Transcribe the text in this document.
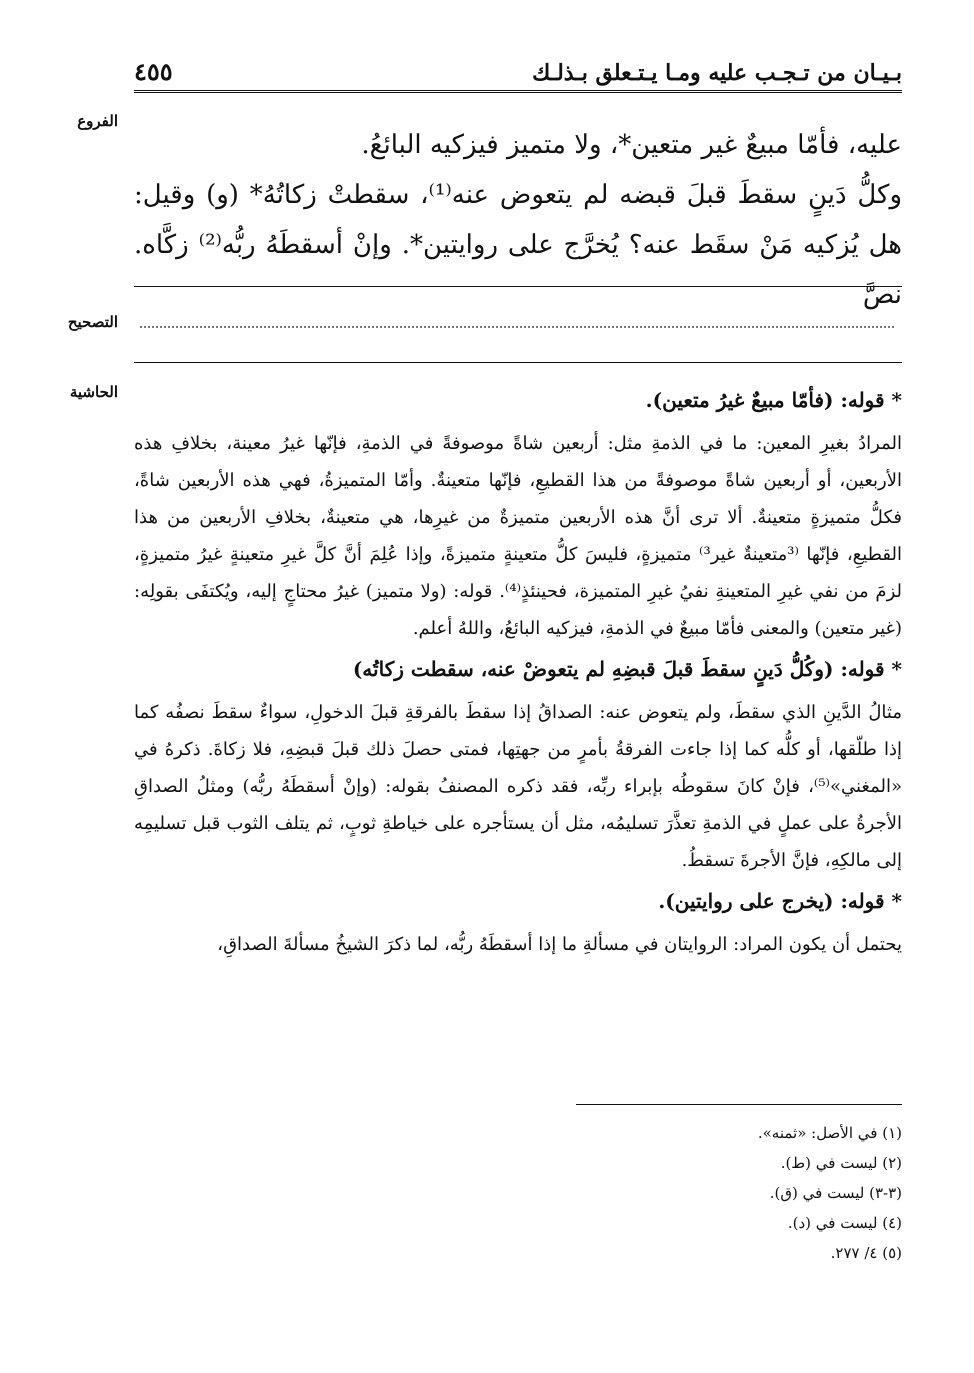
بـيـان من تـجـب عليه ومـا يـتـعلق بـذلـك
٤٥٥
الفروع
التصحيح
الحاشية

عليه، فأمّا مبيعٌ غير متعين*، ولا متميز فيزكيه البائعُ.

وكلُّ دَينٍ سقطَ قبلَ قبضه لم يتعوض عنه⁽¹⁾، سقطتْ زكاتُهُ* (و) وقيل: هل يُزكيه مَنْ سقَط عنه؟ يُخرَّج على روايتين*. وإنْ أسقطَهُ ربُّه⁽²⁾ زكَّاه. نصَّ

* قوله: (فأمّا مبيعٌ غيرُ متعين).

المرادُ بغيرِ المعين: ما في الذمةِ مثل: أربعين شاةً موصوفةً في الذمةِ، فإنّها غيرُ معينة، بخلافِ هذه الأربعين، أو أربعين شاةً موصوفةً من هذا القطيعِ، فإنّها متعينةٌ. وأمّا المتميزةُ، فهي هذه الأربعين شاةً، فكلُّ متميزةٍ متعينةٌ. ألا ترى أنَّ هذه الأربعين متميزةٌ من غيرِها، هي متعينةٌ، بخلافِ الأربعين من هذا القطيعِ، فإنّها ⁽³متعينةٌ غير³⁾ متميزةٍ، فليسَ كلُّ متعينةٍ متميزةً، وإذا عُلِمَ أنَّ كلَّ غيرِ متعينةٍ غيرُ متميزةٍ، لزمَ من نفي غيرِ المتعينةِ نفيُ غيرِ المتميزة، فحينئذٍ⁽⁴⁾. قوله: (ولا متميز) غيرُ محتاجٍ إليه، ويُكتفَى بقولِه: (غير متعين) والمعنى فأمّا مبيعٌ في الذمةِ، فيزكيه البائعُ، واللهُ أعلم.

* قوله: (وكُلُّ دَينٍ سقطَ قبلَ قبضِهِ لم يتعوضْ عنه، سقطت زكاتُه)

مثالُ الدَّينِ الذي سقطَ، ولم يتعوض عنه: الصداقُ إذا سقطَ بالفرقةِ قبلَ الدخولِ، سواءٌ سقطَ نصفُه كما إذا طلّقها، أو كلُّه كما إذا جاءت الفرقةُ بأمرٍ من جهتِها، فمتى حصلَ ذلك قبلَ قبضِهِ، فلا زكاةَ. ذكرهُ في «المغني»⁽⁵⁾، فإنْ كانَ سقوطُه بإبراء ربِّه، فقد ذكره المصنفُ بقوله: (وإنْ أسقطَهُ ربُّه) ومثلُ الصداقِ الأجرةُ على عملٍ في الذمةِ تعذَّرَ تسليمُه، مثل أن يستأجره على خياطةِ ثوبٍ، ثم يتلف الثوب قبل تسليمِه إلى مالكِهِ، فإنَّ الأجرةَ تسقطُ.

* قوله: (يخرج على روايتين).

يحتمل أن يكون المراد: الروايتان في مسألةِ ما إذا أسقطَهُ ربُّه، لما ذكرَ الشيخُ مسألةَ الصداقِ،

(١) في الأصل: «ثمنه».
(٢) ليست في (ط).
(٣-٣) ليست في (ق).
(٤) ليست في (د).
(٥) ٤/ ٢٧٧.
